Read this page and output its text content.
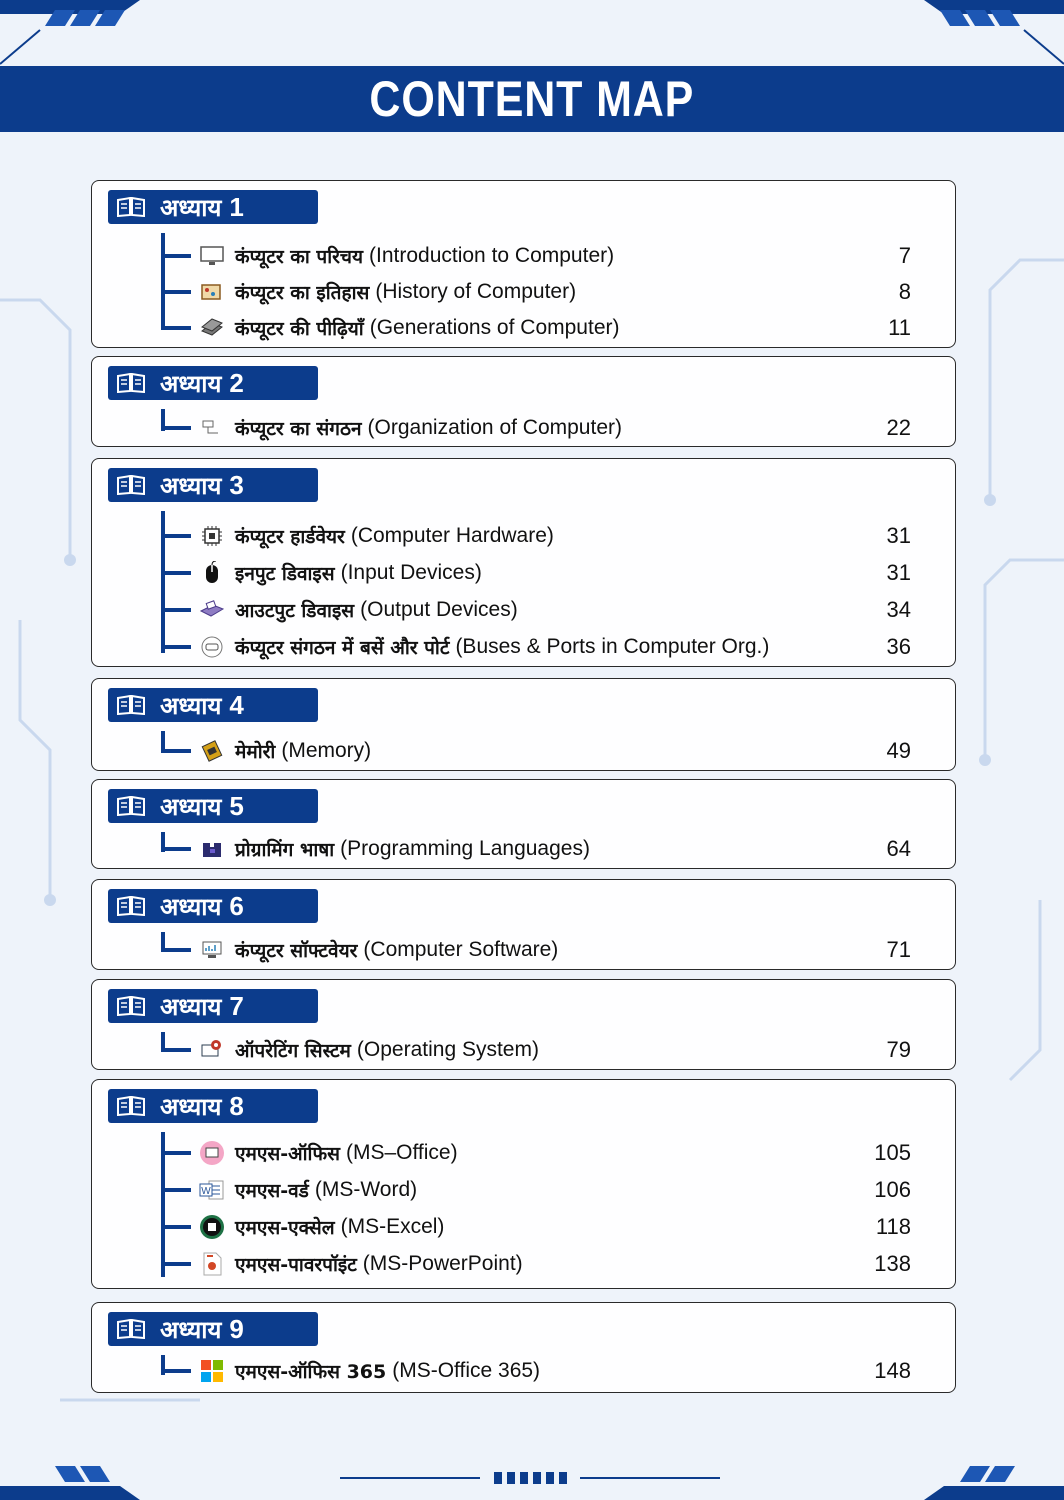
CONTENT MAP
अध्याय 1
कंप्यूटर का परिचय (Introduction to Computer)	7
कंप्यूटर का इतिहास (History of Computer)	8
कंप्यूटर की पीढ़ियाँ (Generations of Computer)	11
अध्याय 2
कंप्यूटर का संगठन (Organization of Computer)	22
अध्याय 3
कंप्यूटर हार्डवेयर (Computer Hardware)	31
इनपुट डिवाइस (Input Devices)	31
आउटपुट डिवाइस (Output Devices)	34
कंप्यूटर संगठन में बसें और पोर्ट (Buses & Ports in Computer Org.)	36
अध्याय 4
मेमोरी (Memory)	49
अध्याय 5
प्रोग्रामिंग भाषा (Programming Languages)	64
अध्याय 6
कंप्यूटर सॉफ्टवेयर (Computer Software)	71
अध्याय 7
ऑपरेटिंग सिस्टम (Operating System)	79
अध्याय 8
एमएस-ऑफिस (MS–Office)	105
W एमएस-वर्ड (MS-Word)	106
एमएस-एक्सेल (MS-Excel)	118
एमएस-पावरपॉइंट (MS-PowerPoint)	138
अध्याय 9
एमएस-ऑफिस 365 (MS-Office 365)	148
